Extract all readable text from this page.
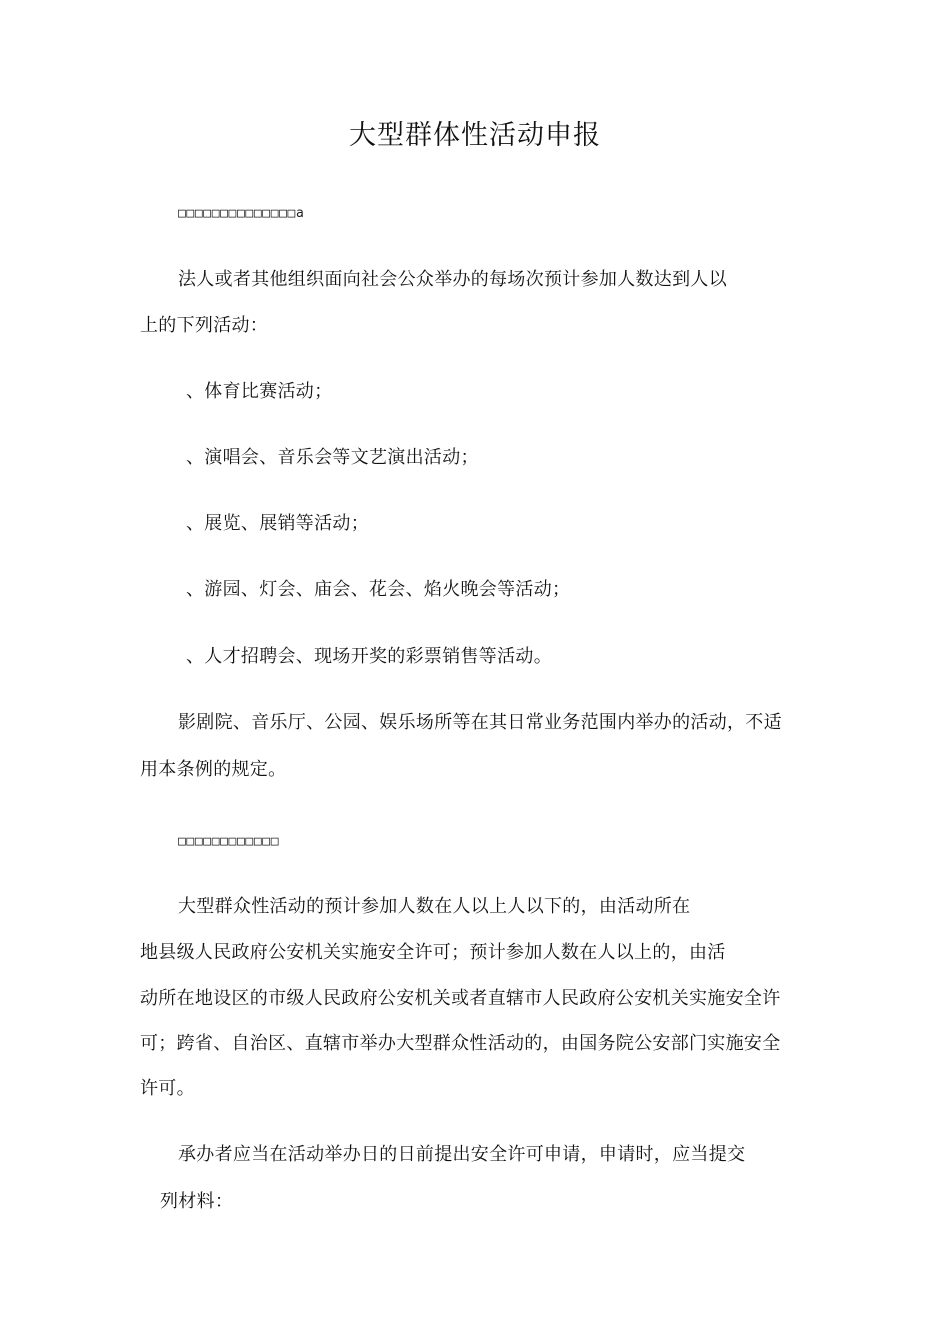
大型群体性活动申报
□□□□□□□□□□□□□□a
法人或者其他组织面向社会公众举办的每场次预计参加人数达到人以
上的下列活动：
、体育比赛活动；
、演唱会、音乐会等文艺演出活动；
、展览、展销等活动；
、游园、灯会、庙会、花会、焰火晚会等活动；
、人才招聘会、现场开奖的彩票销售等活动。
影剧院、音乐厅、公园、娱乐场所等在其日常业务范围内举办的活动，不适
用本条例的规定。
□□□□□□□□□□□□
大型群众性活动的预计参加人数在人以上人以下的，由活动所在
地县级人民政府公安机关实施安全许可；预计参加人数在人以上的，由活
动所在地设区的市级人民政府公安机关或者直辖市人民政府公安机关实施安全许
可；跨省、自治区、直辖市举办大型群众性活动的，由国务院公安部门实施安全
许可。
承办者应当在活动举办日的日前提出安全许可申请，申请时，应当提交
列材料：
